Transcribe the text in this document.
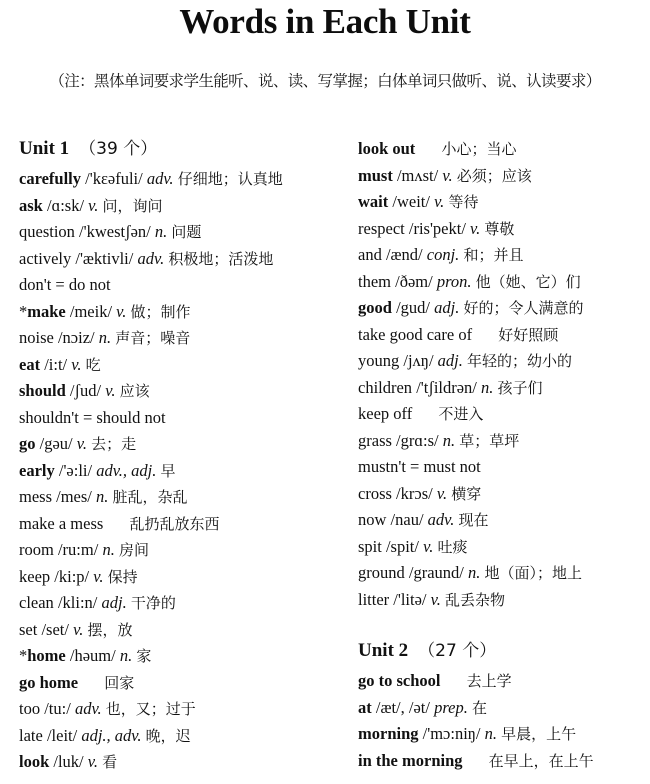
Words in Each Unit
（注：黑体单词要求学生能听、说、读、写掌握；白体单词只做听、说、认读要求）
Unit 1 （39 个）
carefully /'kεəfuli/ adv. 仔细地；认真地
ask /ɑ:sk/ v. 问，询问
question /'kwestʃən/ n. 问题
actively /'æktivli/ adv. 积极地；活泼地
don't = do not
*make /meik/ v. 做；制作
noise /nɔiz/ n. 声音；噪音
eat /i:t/ v. 吃
should /ʃud/ v. 应该
shouldn't = should not
go /gəu/ v. 去；走
early /'ə:li/ adv., adj. 早
mess /mes/ n. 脏乱，杂乱
make a mess 乱扔乱放东西
room /ru:m/ n. 房间
keep /ki:p/ v. 保持
clean /kli:n/ adj. 干净的
set /set/ v. 摆，放
*home /həum/ n. 家
go home 回家
too /tu:/ adv. 也，又；过于
late /leit/ adj., adv. 晚，迟
look /luk/ v. 看
look out 小心；当心
must /mʌst/ v. 必须；应该
wait /weit/ v. 等待
respect /ris'pekt/ v. 尊敬
and /ænd/ conj. 和；并且
them /ðəm/ pron. 他（她、它）们
good /gud/ adj. 好的；令人满意的
take good care of 好好照顾
young /jʌŋ/ adj. 年轻的；幼小的
children /'tʃildrən/ n. 孩子们
keep off 不进入
grass /grɑ:s/ n. 草；草坪
mustn't = must not
cross /krɔs/ v. 横穿
now /nau/ adv. 现在
spit /spit/ v. 吐痰
ground /graund/ n. 地（面）；地上
litter /'litə/ v. 乱丢杂物
Unit 2 （27 个）
go to school 去上学
at /æt/, /ət/ prep. 在
morning /'mɔ:niŋ/ n. 早晨，上午
in the morning 在早上，在上午
